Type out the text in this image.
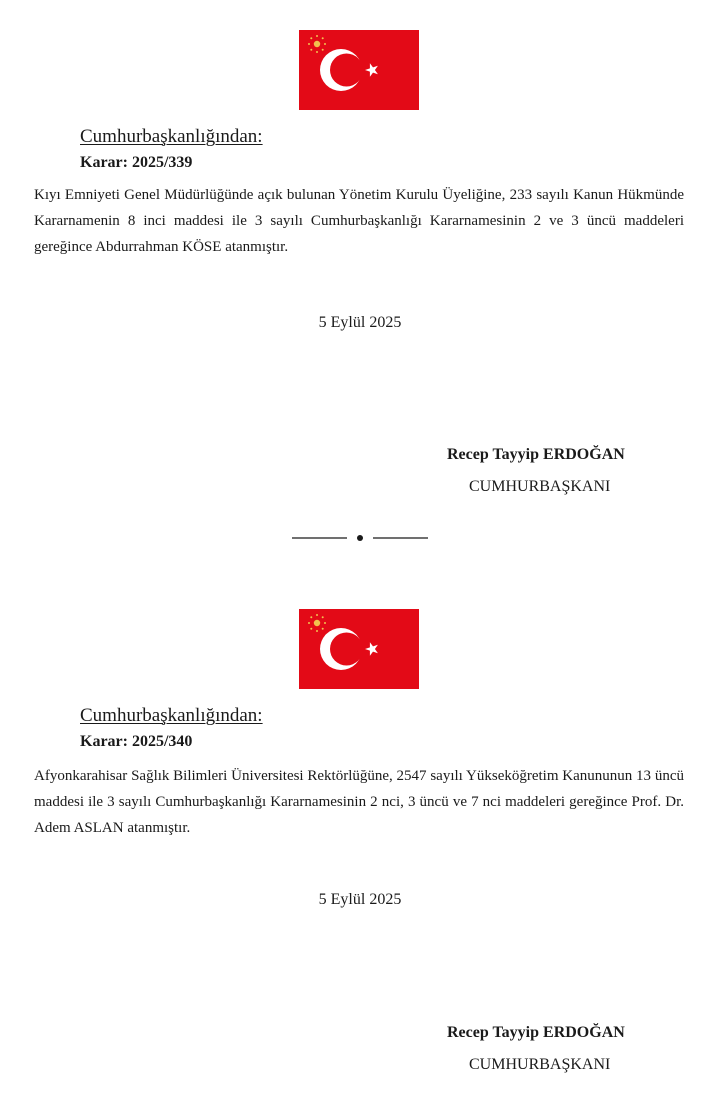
Cumhurbaşkanlığından:
Karar: 2025/339
Kıyı Emniyeti Genel Müdürlüğünde açık bulunan Yönetim Kurulu Üyeliğine, 233 sayılı Kanun Hükmünde Kararnamenin 8 inci maddesi ile 3 sayılı Cumhurbaşkanlığı Kararnamesinin 2 ve 3 üncü maddeleri gereğince Abdurrahman KÖSE atanmıştır.
5 Eylül 2025
Recep Tayyip ERDOĞAN
CUMHURBAŞKANI
Cumhurbaşkanlığından:
Karar: 2025/340
Afyonkarahisar Sağlık Bilimleri Üniversitesi Rektörlüğüne, 2547 sayılı Yükseköğretim Kanununun 13 üncü maddesi ile 3 sayılı Cumhurbaşkanlığı Kararnamesinin 2 nci, 3 üncü ve 7 nci maddeleri gereğince Prof. Dr. Adem ASLAN atanmıştır.
5 Eylül 2025
Recep Tayyip ERDOĞAN
CUMHURBAŞKANI
